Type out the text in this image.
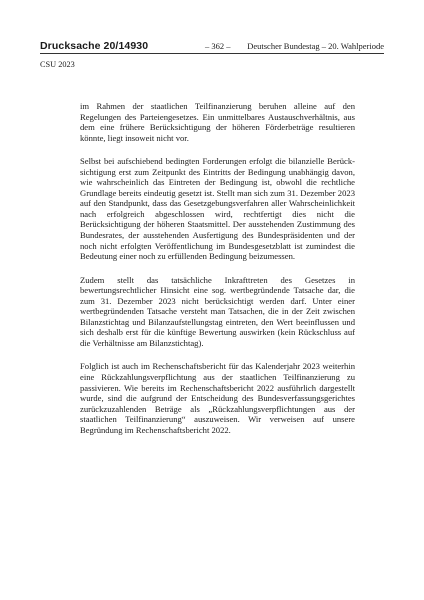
Drucksache 20/14930	– 362 – Deutscher Bundestag – 20. Wahlperiode
CSU 2023

im Rahmen der staatlichen Teilfinanzierung beruhen alleine auf den Regelungen des Parteiengesetzes. Ein unmittelbares Austauschverhältnis, aus dem eine frühere Berücksichtigung der höheren Förderbeträge resultieren könnte, liegt insoweit nicht vor.

Selbst bei aufschiebend bedingten Forderungen erfolgt die bilanzielle Berücksichtigung erst zum Zeitpunkt des Eintritts der Bedingung unabhängig davon, wie wahrscheinlich das Eintreten der Bedingung ist, obwohl die rechtliche Grundlage bereits eindeutig gesetzt ist. Stellt man sich zum 31. Dezember 2023 auf den Standpunkt, dass das Gesetzgebungsverfahren aller Wahrscheinlichkeit nach erfolgreich abgeschlossen wird, rechtfertigt dies nicht die Berücksichtigung der höheren Staatsmittel. Der ausstehenden Zustimmung des Bundesrates, der ausstehenden Ausfertigung des Bundespräsidenten und der noch nicht erfolgten Veröffentlichung im Bundesgesetzblatt ist zumindest die Bedeutung einer noch zu erfüllenden Bedingung beizumessen.

Zudem stellt das tatsächliche Inkrafttreten des Gesetzes in bewertungsrechtlicher Hinsicht eine sog. wertbegründende Tatsache dar, die zum 31. Dezember 2023 nicht berücksichtigt werden darf. Unter einer wertbegründenden Tatsache versteht man Tatsachen, die in der Zeit zwischen Bilanzstichtag und Bilanzaufstellungstag eintreten, den Wert beeinflussen und sich deshalb erst für die künftige Bewertung auswirken (kein Rückschluss auf die Verhältnisse am Bilanzstichtag).

Folglich ist auch im Rechenschaftsbericht für das Kalenderjahr 2023 weiterhin eine Rückzahlungsverpflichtung aus der staatlichen Teilfinanzierung zu passivieren. Wie bereits im Rechenschaftsbericht 2022 ausführlich dargestellt wurde, sind die aufgrund der Entscheidung des Bundesverfassungsgerichtes zurückzuzahlenden Beträge als „Rückzahlungsverpflichtungen aus der staatlichen Teilfinanzierung“ auszuweisen. Wir verweisen auf unsere Begründung im Rechenschaftsbericht 2022.
